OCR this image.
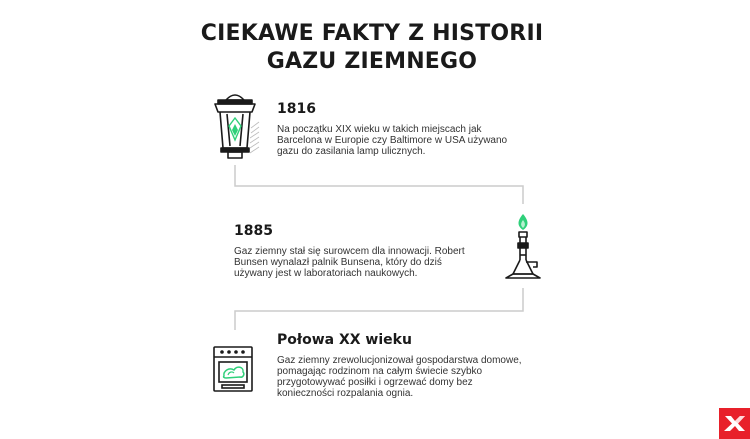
CIEKAWE FAKTY Z HISTORII
GAZU ZIEMNEGO
1816

Na początku XIX wieku w takich miejscach jak
Barcelona w Europie czy Baltimore w USA używano
gazu do zasilania lamp ulicznych.

1885

Gaz ziemny stał się surowcem dla innowacji. Robert
Bunsen wynalazł palnik Bunsena, który do dziś
używany jest w laboratoriach naukowych.

Połowa XX wieku

Gaz ziemny zrewolucjonizował gospodarstwa domowe,
pomagając rodzinom na całym świecie szybko
przygotowywać posiłki i ogrzewać domy bez
konieczności rozpalania ognia.
